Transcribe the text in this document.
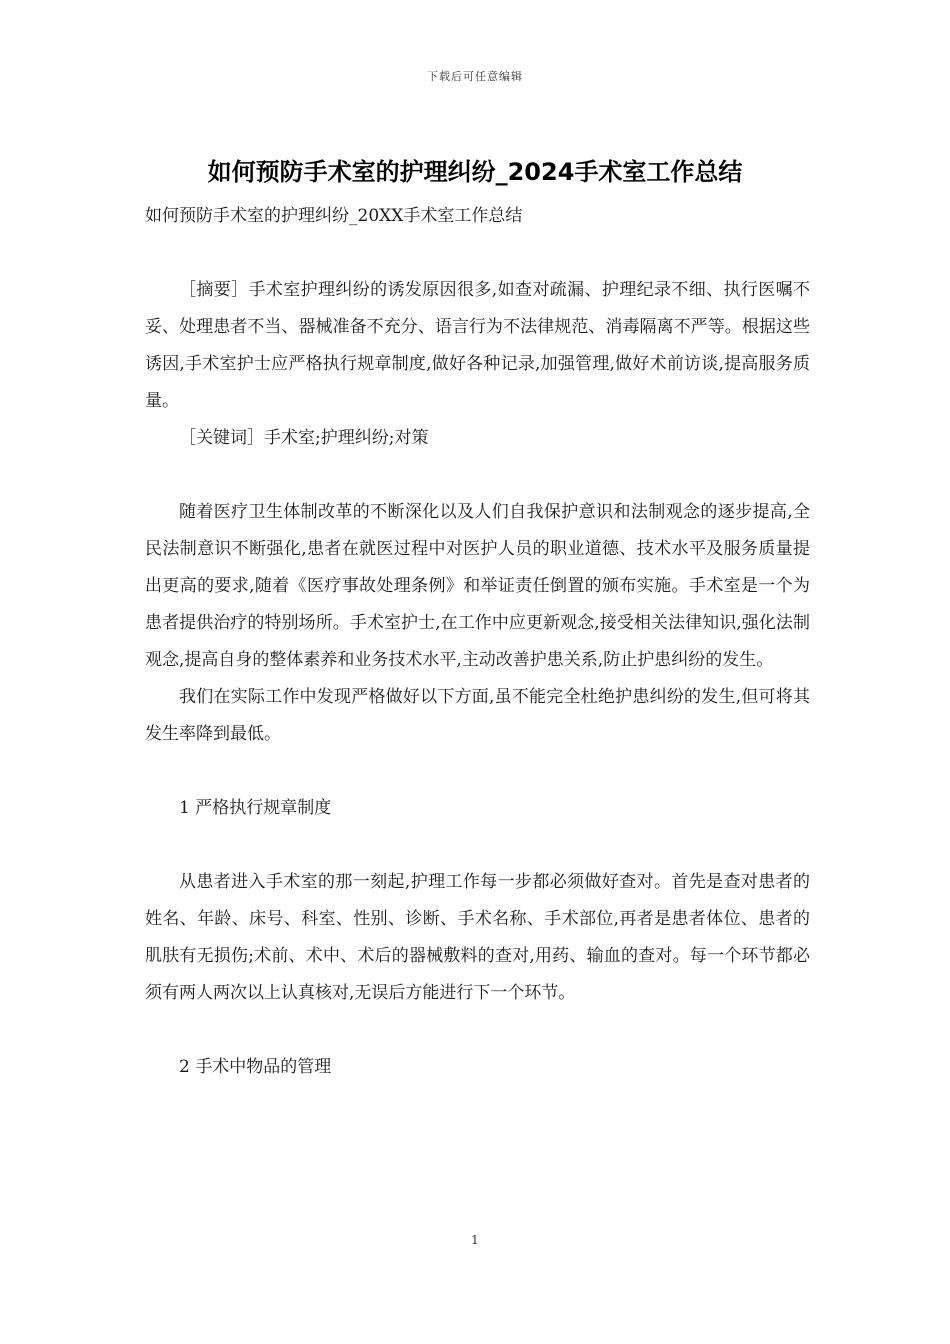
下载后可任意编辑
如何预防手术室的护理纠纷_2024手术室工作总结

如何预防手术室的护理纠纷_20XX手术室工作总结

［摘要］手术室护理纠纷的诱发原因很多,如查对疏漏、护理纪录不细、执行医嘱不妥、处理患者不当、器械准备不充分、语言行为不法律规范、消毒隔离不严等。根据这些诱因,手术室护士应严格执行规章制度,做好各种记录,加强管理,做好术前访谈,提高服务质量。

［关键词］手术室;护理纠纷;对策

随着医疗卫生体制改革的不断深化以及人们自我保护意识和法制观念的逐步提高,全民法制意识不断强化,患者在就医过程中对医护人员的职业道德、技术水平及服务质量提出更高的要求,随着《医疗事故处理条例》和举证责任倒置的颁布实施。手术室是一个为患者提供治疗的特别场所。手术室护士,在工作中应更新观念,接受相关法律知识,强化法制观念,提高自身的整体素养和业务技术水平,主动改善护患关系,防止护患纠纷的发生。

我们在实际工作中发现严格做好以下方面,虽不能完全杜绝护患纠纷的发生,但可将其发生率降到最低。

1 严格执行规章制度

从患者进入手术室的那一刻起,护理工作每一步都必须做好查对。首先是查对患者的姓名、年龄、床号、科室、性别、诊断、手术名称、手术部位,再者是患者体位、患者的肌肤有无损伤;术前、术中、术后的器械敷料的查对,用药、输血的查对。每一个环节都必须有两人两次以上认真核对,无误后方能进行下一个环节。

2 手术中物品的管理

1
